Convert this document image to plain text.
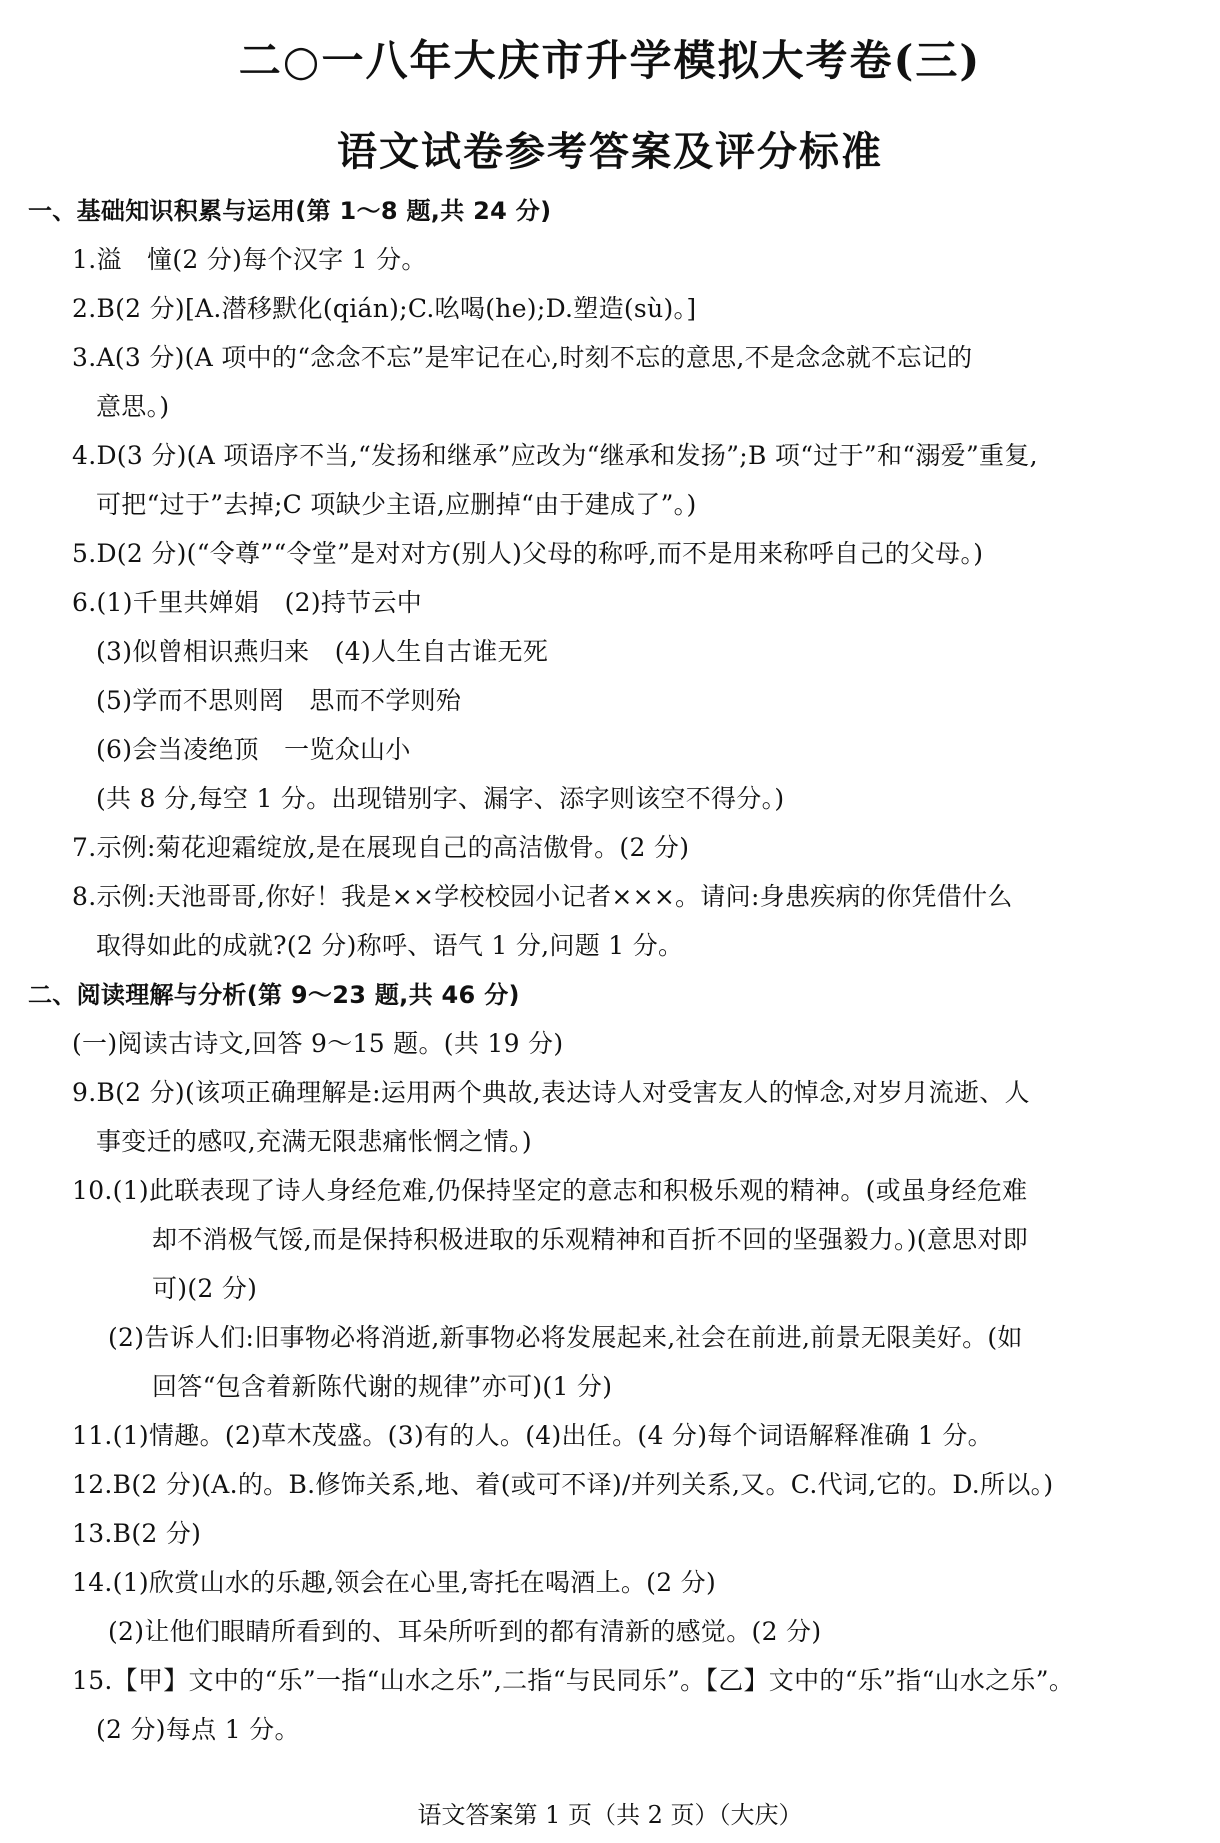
二○一八年大庆市升学模拟大考卷(三)
语文试卷参考答案及评分标准
一、基础知识积累与运用(第 1～8 题,共 24 分)
1.溢　憧(2 分)每个汉字 1 分。
2.B(2 分)[A.潜移默化(qián);C.吆喝(he);D.塑造(sù)。]
3.A(3 分)(A 项中的“念念不忘”是牢记在心,时刻不忘的意思,不是念念就不忘记的
意思。)
4.D(3 分)(A 项语序不当,“发扬和继承”应改为“继承和发扬”;B 项“过于”和“溺爱”重复,
可把“过于”去掉;C 项缺少主语,应删掉“由于建成了”。)
5.D(2 分)(“令尊”“令堂”是对对方(别人)父母的称呼,而不是用来称呼自己的父母。)
6.(1)千里共婵娟　(2)持节云中
(3)似曾相识燕归来　(4)人生自古谁无死
(5)学而不思则罔　思而不学则殆
(6)会当凌绝顶　一览众山小
(共 8 分,每空 1 分。出现错别字、漏字、添字则该空不得分。)
7.示例:菊花迎霜绽放,是在展现自己的高洁傲骨。(2 分)
8.示例:天池哥哥,你好！我是××学校校园小记者×××。请问:身患疾病的你凭借什么
取得如此的成就?(2 分)称呼、语气 1 分,问题 1 分。
二、阅读理解与分析(第 9～23 题,共 46 分)
(一)阅读古诗文,回答 9～15 题。(共 19 分)
9.B(2 分)(该项正确理解是:运用两个典故,表达诗人对受害友人的悼念,对岁月流逝、人
事变迁的感叹,充满无限悲痛怅惘之情。)
10.(1)此联表现了诗人身经危难,仍保持坚定的意志和积极乐观的精神。(或虽身经危难
却不消极气馁,而是保持积极进取的乐观精神和百折不回的坚强毅力。)(意思对即
可)(2 分)
(2)告诉人们:旧事物必将消逝,新事物必将发展起来,社会在前进,前景无限美好。(如
回答“包含着新陈代谢的规律”亦可)(1 分)
11.(1)情趣。(2)草木茂盛。(3)有的人。(4)出任。(4 分)每个词语解释准确 1 分。
12.B(2 分)(A.的。B.修饰关系,地、着(或可不译)/并列关系,又。C.代词,它的。D.所以。)
13.B(2 分)
14.(1)欣赏山水的乐趣,领会在心里,寄托在喝酒上。(2 分)
(2)让他们眼睛所看到的、耳朵所听到的都有清新的感觉。(2 分)
15.【甲】文中的“乐”一指“山水之乐”,二指“与民同乐”。【乙】文中的“乐”指“山水之乐”。
(2 分)每点 1 分。
语文答案第 1 页（共 2 页）（大庆）
